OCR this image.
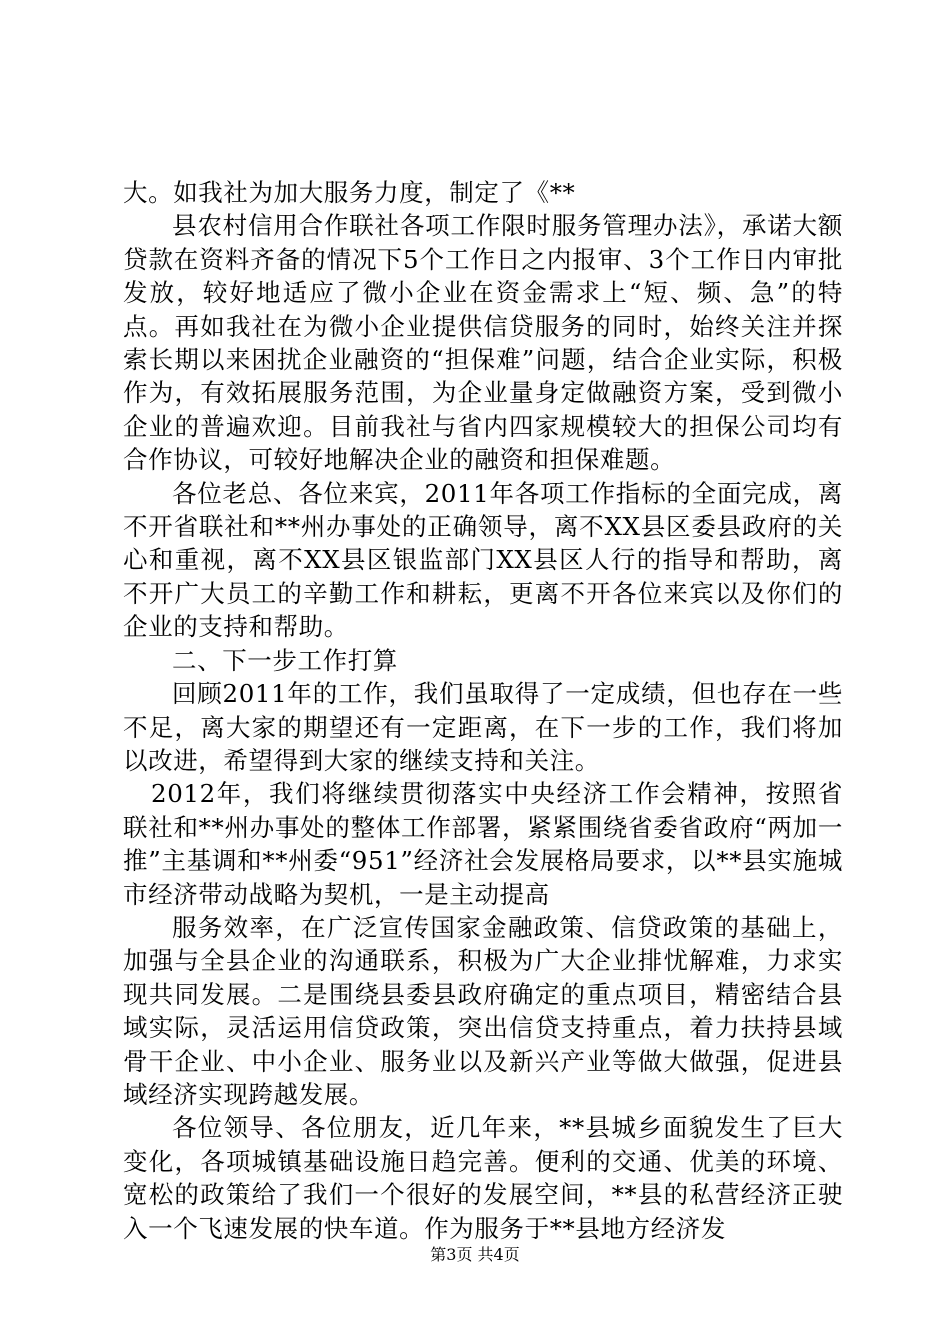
大。如我社为加大服务力度，制定了《**

县农村信用合作联社各项工作限时服务管理办法》，承诺大额贷款在资料齐备的情况下5个工作日之内报审、3个工作日内审批发放，较好地适应了微小企业在资金需求上“短、频、急”的特点。再如我社在为微小企业提供信贷服务的同时，始终关注并探索长期以来困扰企业融资的“担保难”问题，结合企业实际，积极作为，有效拓展服务范围，为企业量身定做融资方案，受到微小企业的普遍欢迎。目前我社与省内四家规模较大的担保公司均有合作协议，可较好地解决企业的融资和担保难题。

各位老总、各位来宾，2011年各项工作指标的全面完成，离不开省联社和**州办事处的正确领导，离不XX县区委县政府的关心和重视，离不XX县区银监部门XX县区人行的指导和帮助，离不开广大员工的辛勤工作和耕耘，更离不开各位来宾以及你们的企业的支持和帮助。

二、下一步工作打算

回顾2011年的工作，我们虽取得了一定成绩，但也存在一些不足，离大家的期望还有一定距离，在下一步的工作，我们将加以改进，希望得到大家的继续支持和关注。

2012年，我们将继续贯彻落实中央经济工作会精神，按照省联社和**州办事处的整体工作部署，紧紧围绕省委省政府“两加一推”主基调和**州委“951”经济社会发展格局要求，以**县实施城市经济带动战略为契机，一是主动提高

服务效率，在广泛宣传国家金融政策、信贷政策的基础上，加强与全县企业的沟通联系，积极为广大企业排忧解难，力求实现共同发展。二是围绕县委县政府确定的重点项目，精密结合县域实际，灵活运用信贷政策，突出信贷支持重点，着力扶持县域骨干企业、中小企业、服务业以及新兴产业等做大做强，促进县域经济实现跨越发展。

各位领导、各位朋友，近几年来，**县城乡面貌发生了巨大变化，各项城镇基础设施日趋完善。便利的交通、优美的环境、宽松的政策给了我们一个很好的发展空间，**县的私营经济正驶入一个飞速发展的快车道。作为服务于**县地方经济发

第3页 共4页
